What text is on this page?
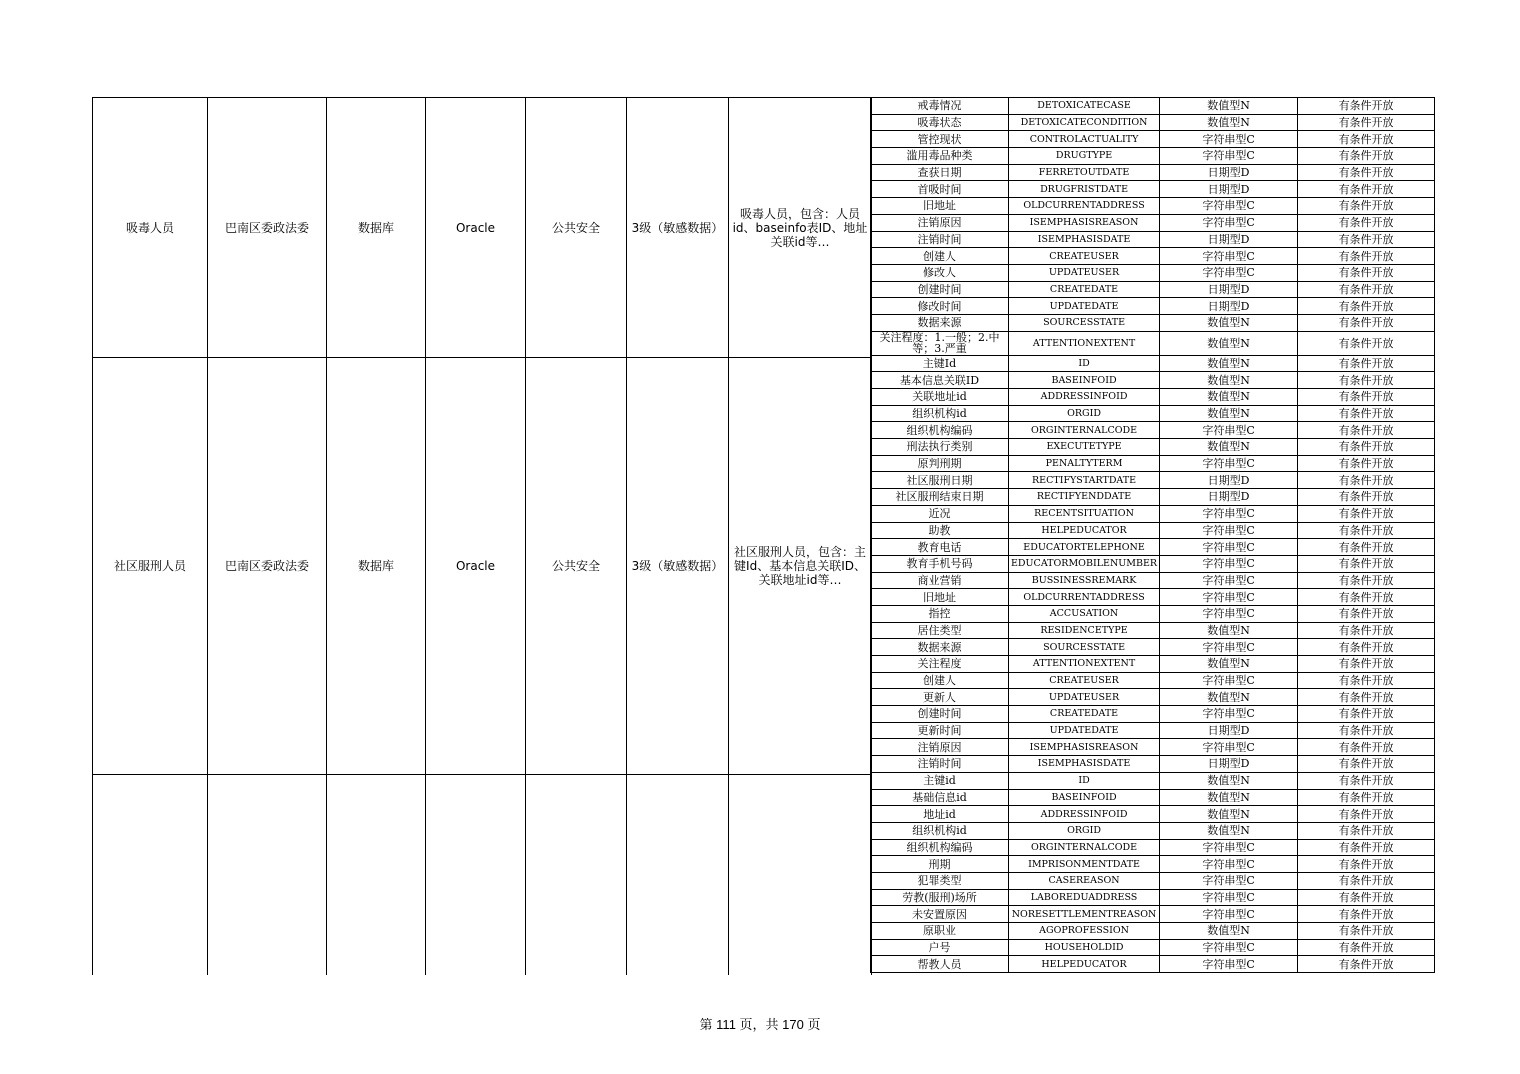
吸毒人员	巴南区委政法委	数据库	Oracle	公共安全	3级（敏感数据）	吸毒人员，包含：人员id、baseinfo表ID、地址关联id等…
社区服刑人员	巴南区委政法委	数据库	Oracle	公共安全	3级（敏感数据）	社区服刑人员，包含：主键Id、基本信息关联ID、关联地址id等…

戒毒情况	DETOXICATECASE	数值型N	有条件开放
吸毒状态	DETOXICATECONDITION	数值型N	有条件开放
管控现状	CONTROLACTUALITY	字符串型C	有条件开放
滥用毒品种类	DRUGTYPE	字符串型C	有条件开放
查获日期	FERRETOUTDATE	日期型D	有条件开放
首吸时间	DRUGFRISTDATE	日期型D	有条件开放
旧地址	OLDCURRENTADDRESS	字符串型C	有条件开放
注销原因	ISEMPHASISREASON	字符串型C	有条件开放
注销时间	ISEMPHASISDATE	日期型D	有条件开放
创建人	CREATEUSER	字符串型C	有条件开放
修改人	UPDATEUSER	字符串型C	有条件开放
创建时间	CREATEDATE	日期型D	有条件开放
修改时间	UPDATEDATE	日期型D	有条件开放
数据来源	SOURCESSTATE	数值型N	有条件开放
关注程度：1.一般；2.中等；3.严重	ATTENTIONEXTENT	数值型N	有条件开放
主键Id	ID	数值型N	有条件开放
基本信息关联ID	BASEINFOID	数值型N	有条件开放
关联地址id	ADDRESSINFOID	数值型N	有条件开放
组织机构id	ORGID	数值型N	有条件开放
组织机构编码	ORGINTERNALCODE	字符串型C	有条件开放
刑法执行类别	EXECUTETYPE	数值型N	有条件开放
原判刑期	PENALTYTERM	字符串型C	有条件开放
社区服刑日期	RECTIFYSTARTDATE	日期型D	有条件开放
社区服刑结束日期	RECTIFYENDDATE	日期型D	有条件开放
近况	RECENTSITUATION	字符串型C	有条件开放
助教	HELPEDUCATOR	字符串型C	有条件开放
教育电话	EDUCATORTELEPHONE	字符串型C	有条件开放
教育手机号码	EDUCATORMOBILENUMBER	字符串型C	有条件开放
商业营销	BUSSINESSREMARK	字符串型C	有条件开放
旧地址	OLDCURRENTADDRESS	字符串型C	有条件开放
指控	ACCUSATION	字符串型C	有条件开放
居住类型	RESIDENCETYPE	数值型N	有条件开放
数据来源	SOURCESSTATE	字符串型C	有条件开放
关注程度	ATTENTIONEXTENT	数值型N	有条件开放
创建人	CREATEUSER	字符串型C	有条件开放
更新人	UPDATEUSER	数值型N	有条件开放
创建时间	CREATEDATE	字符串型C	有条件开放
更新时间	UPDATEDATE	日期型D	有条件开放
注销原因	ISEMPHASISREASON	字符串型C	有条件开放
注销时间	ISEMPHASISDATE	日期型D	有条件开放
主键id	ID	数值型N	有条件开放
基础信息id	BASEINFOID	数值型N	有条件开放
地址id	ADDRESSINFOID	数值型N	有条件开放
组织机构id	ORGID	数值型N	有条件开放
组织机构编码	ORGINTERNALCODE	字符串型C	有条件开放
刑期	IMPRISONMENTDATE	字符串型C	有条件开放
犯罪类型	CASEREASON	字符串型C	有条件开放
劳教(服刑)场所	LABOREDUADDRESS	字符串型C	有条件开放
未安置原因	NORESETTLEMENTREASON	字符串型C	有条件开放
原职业	AGOPROFESSION	数值型N	有条件开放
户号	HOUSEHOLDID	字符串型C	有条件开放
帮教人员	HELPEDUCATOR	字符串型C	有条件开放
第 111 页，共 170 页
